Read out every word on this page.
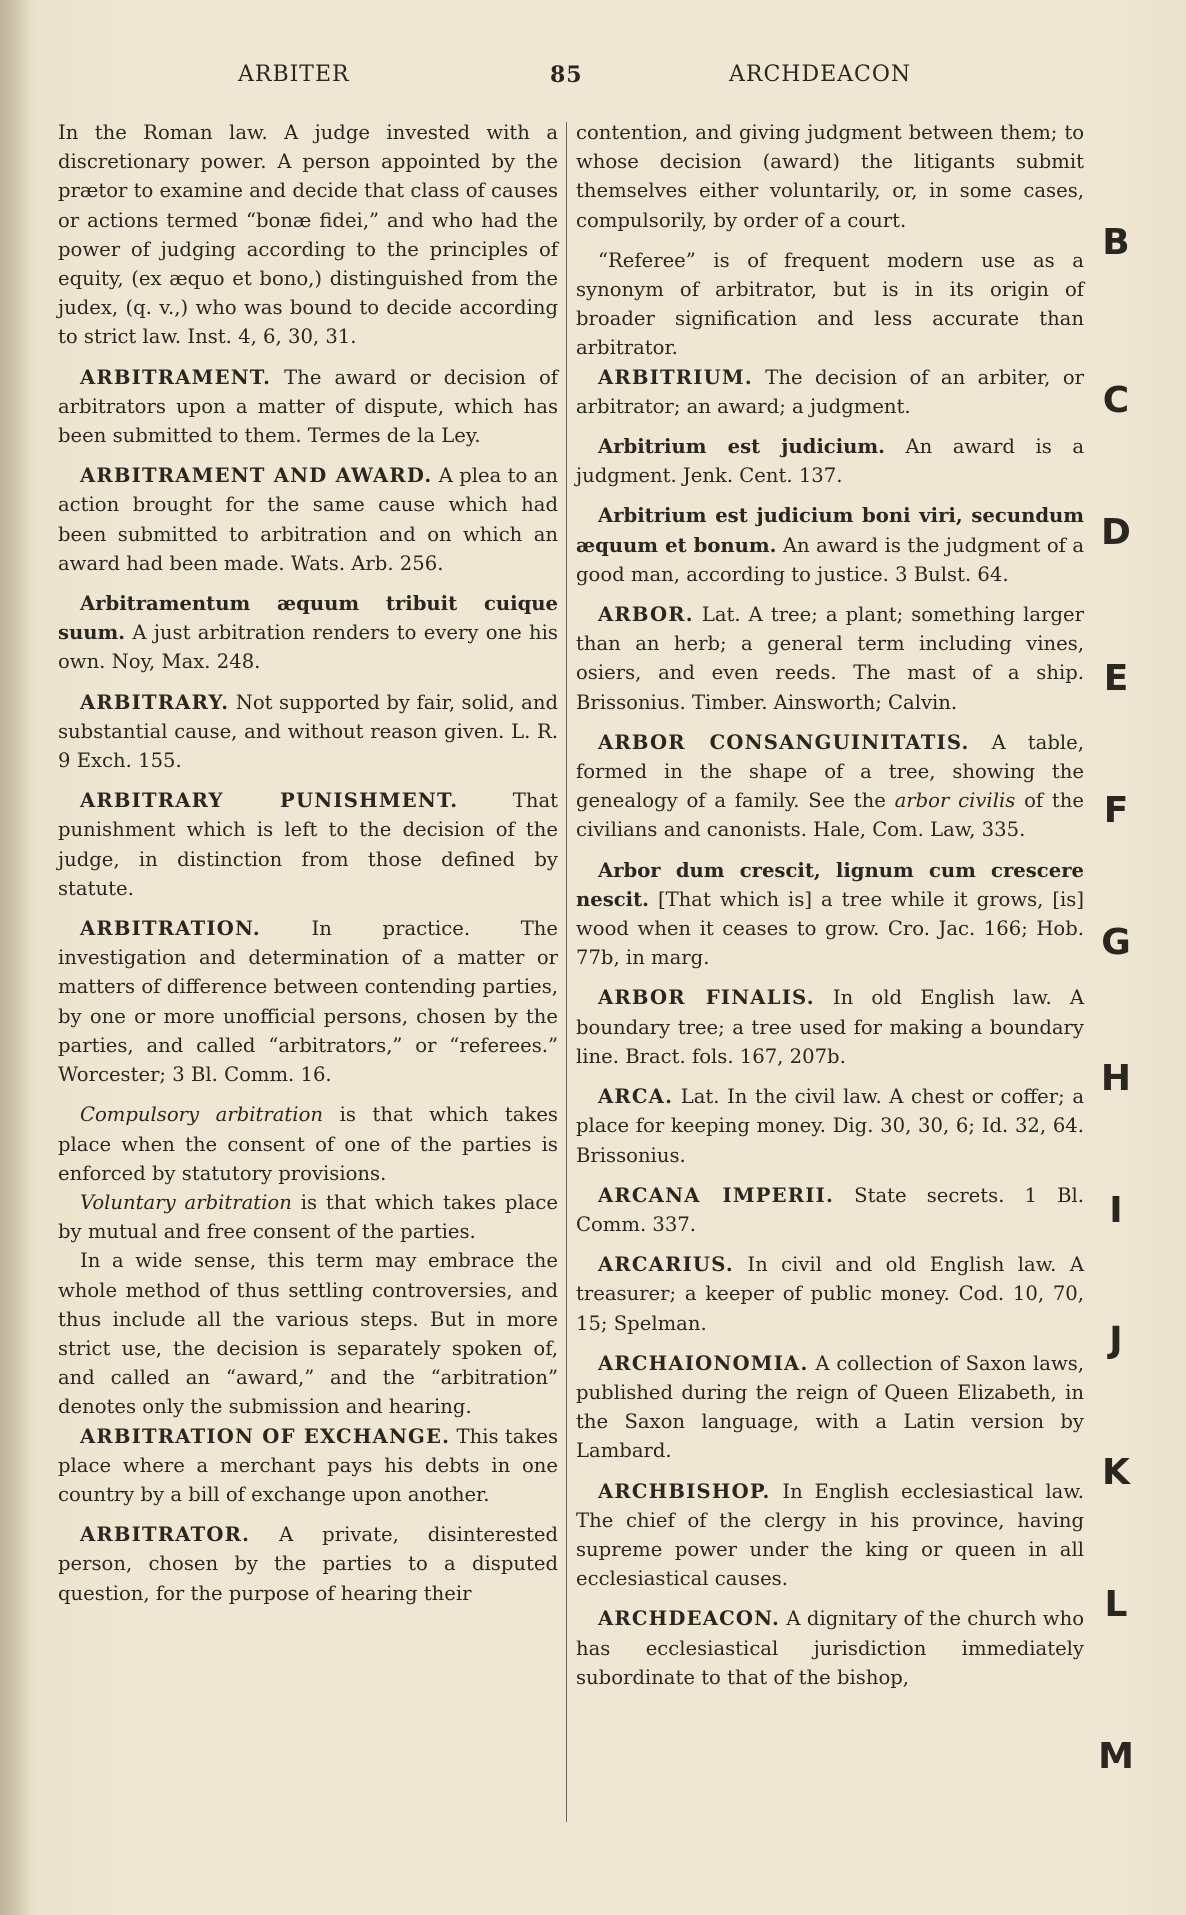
ARBITER	85	ARCHDEACON

In the Roman law. A judge invested with a discretionary power. A person appointed by the prætor to examine and decide that class of causes or actions termed “bonæ fidei,” and who had the power of judging according to the principles of equity, (ex æquo et bono,) distinguished from the judex, (q. v.,) who was bound to decide according to strict law. Inst. 4, 6, 30, 31.

ARBITRAMENT. The award or decision of arbitrators upon a matter of dispute, which has been submitted to them. Termes de la Ley.

ARBITRAMENT AND AWARD. A plea to an action brought for the same cause which had been submitted to arbitration and on which an award had been made. Wats. Arb. 256.

Arbitramentum æquum tribuit cuique suum. A just arbitration renders to every one his own. Noy, Max. 248.

ARBITRARY. Not supported by fair, solid, and substantial cause, and without reason given. L. R. 9 Exch. 155.

ARBITRARY PUNISHMENT. That punishment which is left to the decision of the judge, in distinction from those defined by statute.

ARBITRATION. In practice. The investigation and determination of a matter or matters of difference between contending parties, by one or more unofficial persons, chosen by the parties, and called “arbitrators,” or “referees.” Worcester; 3 Bl. Comm. 16.

Compulsory arbitration is that which takes place when the consent of one of the parties is enforced by statutory provisions.

Voluntary arbitration is that which takes place by mutual and free consent of the parties.

In a wide sense, this term may embrace the whole method of thus settling controversies, and thus include all the various steps. But in more strict use, the decision is separately spoken of, and called an “award,” and the “arbitration” denotes only the submission and hearing.

ARBITRATION OF EXCHANGE. This takes place where a merchant pays his debts in one country by a bill of exchange upon another.

ARBITRATOR. A private, disinterested person, chosen by the parties to a disputed question, for the purpose of hearing their

contention, and giving judgment between them; to whose decision (award) the litigants submit themselves either voluntarily, or, in some cases, compulsorily, by order of a court.

“Referee” is of frequent modern use as a synonym of arbitrator, but is in its origin of broader signification and less accurate than arbitrator.

ARBITRIUM. The decision of an arbiter, or arbitrator; an award; a judgment.

Arbitrium est judicium. An award is a judgment. Jenk. Cent. 137.

Arbitrium est judicium boni viri, secundum æquum et bonum. An award is the judgment of a good man, according to justice. 3 Bulst. 64.

ARBOR. Lat. A tree; a plant; something larger than an herb; a general term including vines, osiers, and even reeds. The mast of a ship. Brissonius. Timber. Ainsworth; Calvin.

ARBOR CONSANGUINITATIS. A table, formed in the shape of a tree, showing the genealogy of a family. See the arbor civilis of the civilians and canonists. Hale, Com. Law, 335.

Arbor dum crescit, lignum cum crescere nescit. [That which is] a tree while it grows, [is] wood when it ceases to grow. Cro. Jac. 166; Hob. 77b, in marg.

ARBOR FINALIS. In old English law. A boundary tree; a tree used for making a boundary line. Bract. fols. 167, 207b.

ARCA. Lat. In the civil law. A chest or coffer; a place for keeping money. Dig. 30, 30, 6; Id. 32, 64. Brissonius.

ARCANA IMPERII. State secrets. 1 Bl. Comm. 337.

ARCARIUS. In civil and old English law. A treasurer; a keeper of public money. Cod. 10, 70, 15; Spelman.

ARCHAIONOMIA. A collection of Saxon laws, published during the reign of Queen Elizabeth, in the Saxon language, with a Latin version by Lambard.

ARCHBISHOP. In English ecclesiastical law. The chief of the clergy in his province, having supreme power under the king or queen in all ecclesiastical causes.

ARCHDEACON. A dignitary of the church who has ecclesiastical jurisdiction immediately subordinate to that of the bishop,

B
C
D
E
F
G
H
I
J
K
L
M
